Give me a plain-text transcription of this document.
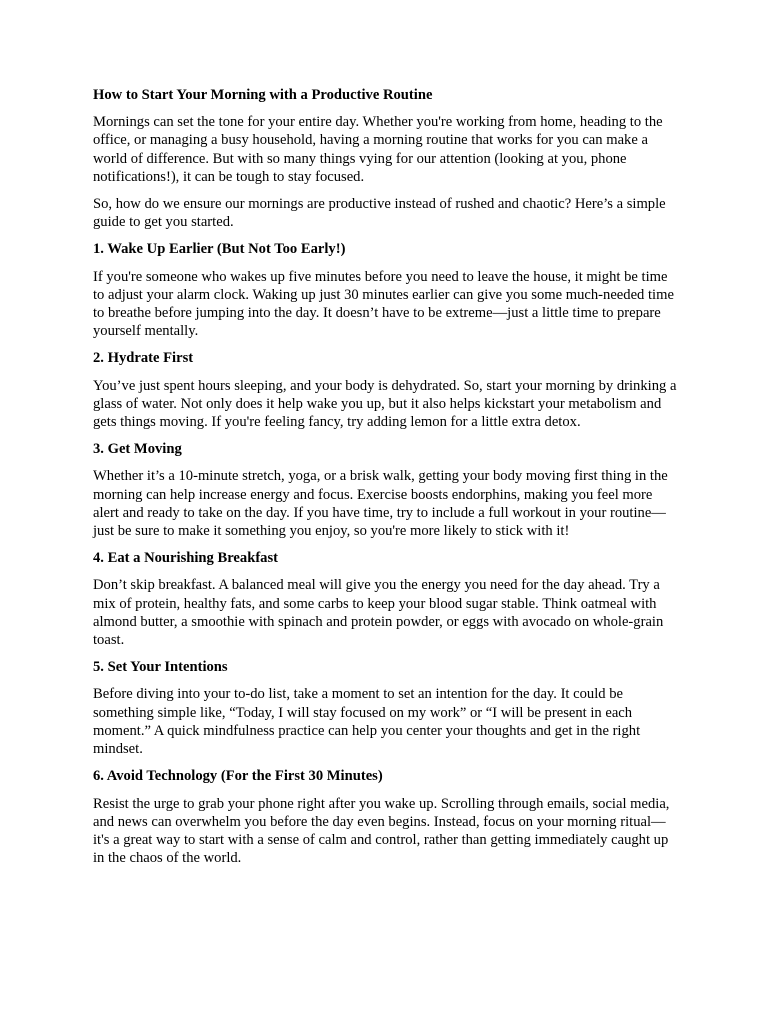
How to Start Your Morning with a Productive Routine
Mornings can set the tone for your entire day. Whether you're working from home, heading to the office, or managing a busy household, having a morning routine that works for you can make a world of difference. But with so many things vying for our attention (looking at you, phone notifications!), it can be tough to stay focused.
So, how do we ensure our mornings are productive instead of rushed and chaotic? Here’s a simple guide to get you started.
1. Wake Up Earlier (But Not Too Early!)
If you're someone who wakes up five minutes before you need to leave the house, it might be time to adjust your alarm clock. Waking up just 30 minutes earlier can give you some much-needed time to breathe before jumping into the day. It doesn’t have to be extreme—just a little time to prepare yourself mentally.
2. Hydrate First
You’ve just spent hours sleeping, and your body is dehydrated. So, start your morning by drinking a glass of water. Not only does it help wake you up, but it also helps kickstart your metabolism and gets things moving. If you're feeling fancy, try adding lemon for a little extra detox.
3. Get Moving
Whether it’s a 10-minute stretch, yoga, or a brisk walk, getting your body moving first thing in the morning can help increase energy and focus. Exercise boosts endorphins, making you feel more alert and ready to take on the day. If you have time, try to include a full workout in your routine—just be sure to make it something you enjoy, so you're more likely to stick with it!
4. Eat a Nourishing Breakfast
Don’t skip breakfast. A balanced meal will give you the energy you need for the day ahead. Try a mix of protein, healthy fats, and some carbs to keep your blood sugar stable. Think oatmeal with almond butter, a smoothie with spinach and protein powder, or eggs with avocado on whole-grain toast.
5. Set Your Intentions
Before diving into your to-do list, take a moment to set an intention for the day. It could be something simple like, “Today, I will stay focused on my work” or “I will be present in each moment.” A quick mindfulness practice can help you center your thoughts and get in the right mindset.
6. Avoid Technology (For the First 30 Minutes)
Resist the urge to grab your phone right after you wake up. Scrolling through emails, social media, and news can overwhelm you before the day even begins. Instead, focus on your morning ritual—it's a great way to start with a sense of calm and control, rather than getting immediately caught up in the chaos of the world.
